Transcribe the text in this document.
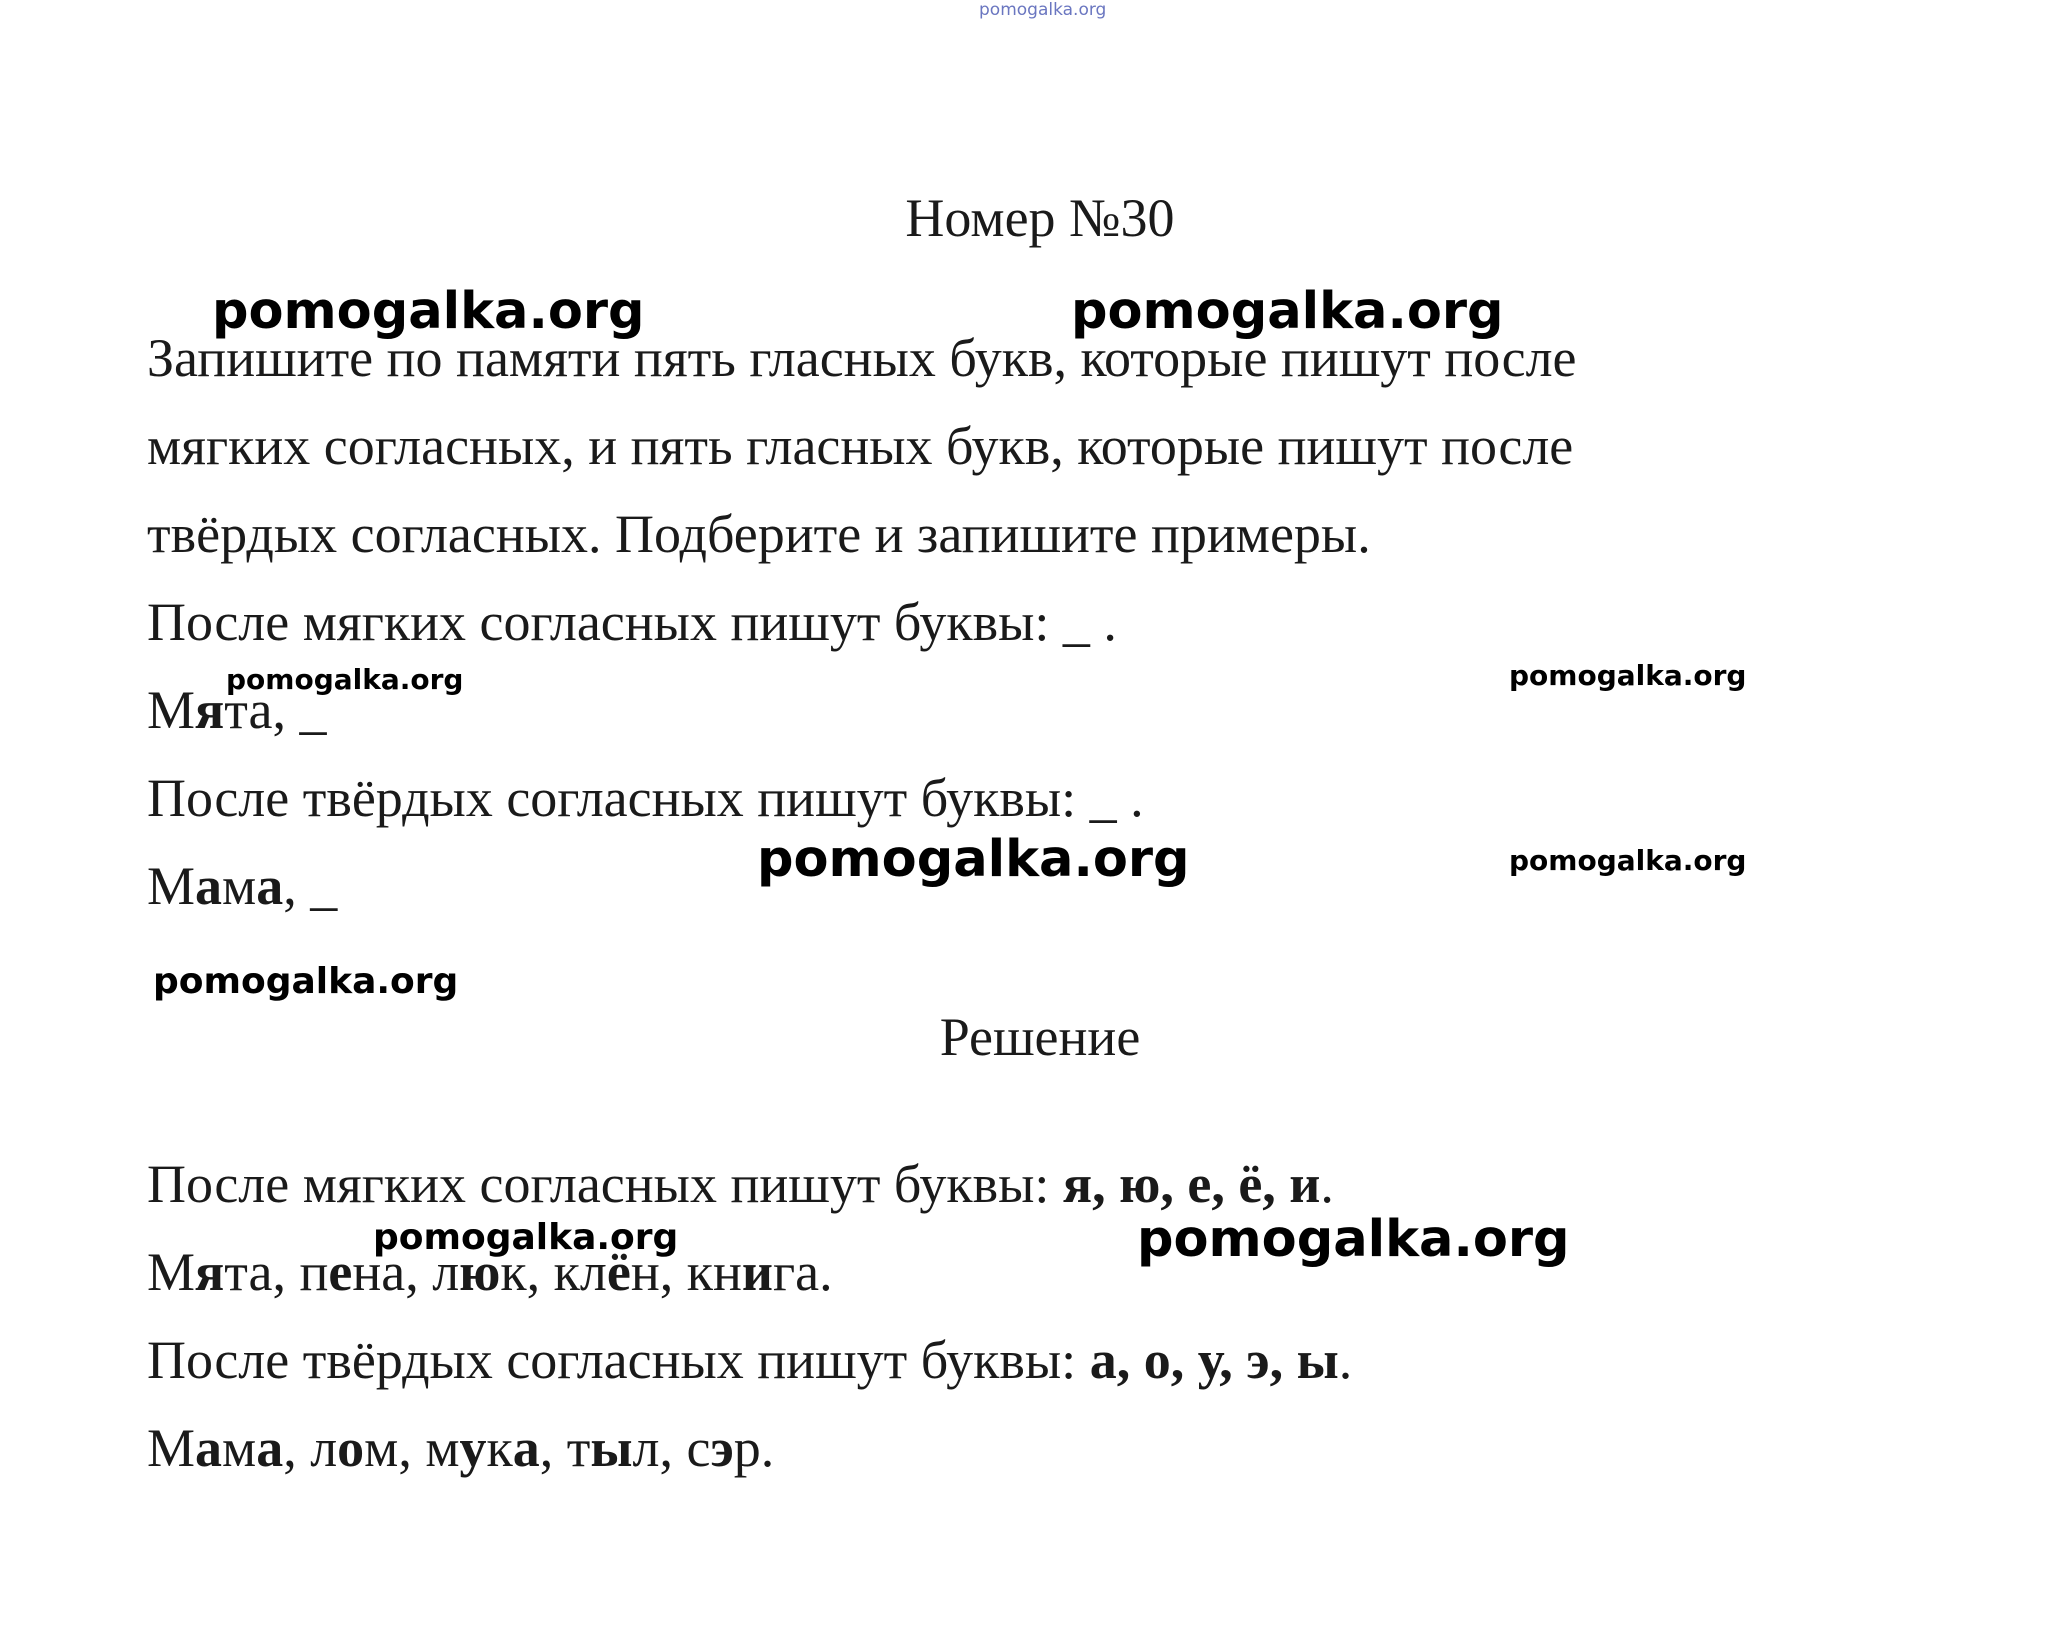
pomogalka.org
Номер №30
Запишите по памяти пять гласных букв, которые пишут после
мягких согласных, и пять гласных букв, которые пишут после
твёрдых согласных. Подберите и запишите примеры.
После мягких согласных пишут буквы: _ .
Мята, _
После твёрдых согласных пишут буквы: _ .
Мама, _
Решение
После мягких согласных пишут буквы: я, ю, е, ё, и.
Мята, пена, люк, клён, книга.
После твёрдых согласных пишут буквы: а, о, у, э, ы.
Мама, лом, мука, тыл, сэр.
pomogalka.org	pomogalka.org
pomogalka.org	pomogalka.org
pomogalka.org	pomogalka.org
pomogalka.org
pomogalka.org	pomogalka.org
